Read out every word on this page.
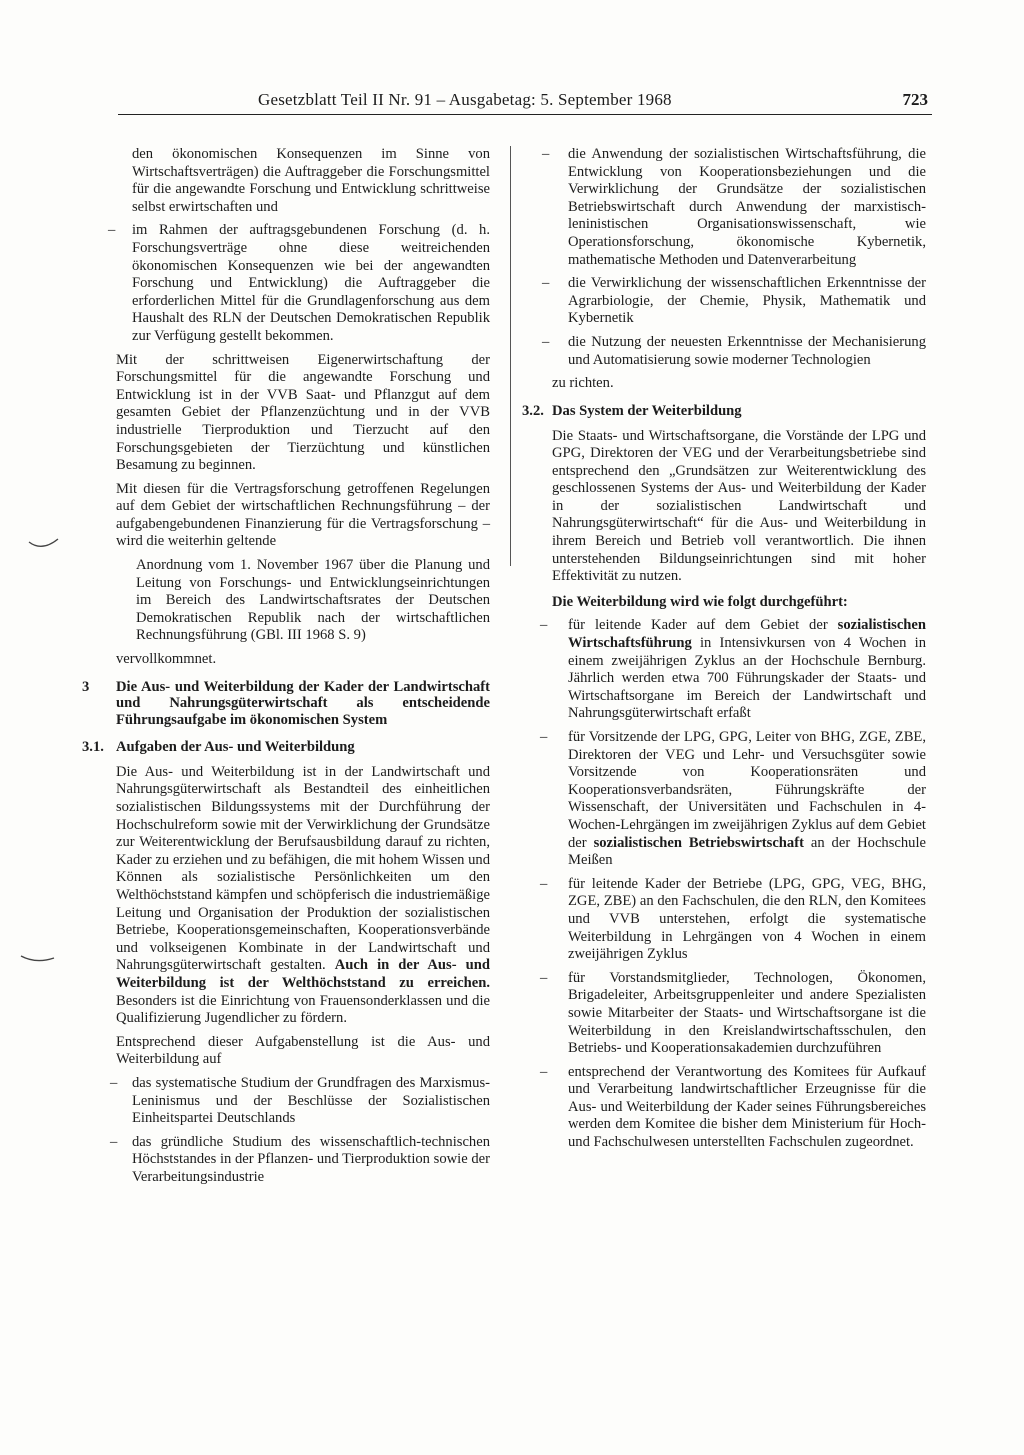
Gesetzblatt Teil II Nr. 91 – Ausgabetag: 5. September 1968	723

den ökonomischen Konsequenzen im Sinne von Wirtschaftsverträgen) die Auftraggeber die Forschungsmittel für die angewandte Forschung und Entwicklung schrittweise selbst erwirtschaften und

– im Rahmen der auftragsgebundenen Forschung (d. h. Forschungsverträge ohne diese weitreichenden ökonomischen Konsequenzen wie bei der angewandten Forschung und Entwicklung) die Auftraggeber die erforderlichen Mittel für die Grundlagenforschung aus dem Haushalt des RLN der Deutschen Demokratischen Republik zur Verfügung gestellt bekommen.

Mit der schrittweisen Eigenerwirtschaftung der Forschungsmittel für die angewandte Forschung und Entwicklung ist in der VVB Saat- und Pflanzgut auf dem gesamten Gebiet der Pflanzenzüchtung und in der VVB industrielle Tierproduktion und Tierzucht auf den Forschungsgebieten der Tierzüchtung und künstlichen Besamung zu beginnen.

Mit diesen für die Vertragsforschung getroffenen Regelungen auf dem Gebiet der wirtschaftlichen Rechnungsführung – der aufgabengebundenen Finanzierung für die Vertragsforschung – wird die weiterhin geltende

Anordnung vom 1. November 1967 über die Planung und Leitung von Forschungs- und Entwicklungseinrichtungen im Bereich des Landwirtschaftsrates der Deutschen Demokratischen Republik nach der wirtschaftlichen Rechnungsführung (GBl. III 1968 S. 9)

vervollkommnet.

3 Die Aus- und Weiterbildung der Kader der Landwirtschaft und Nahrungsgüterwirtschaft als entscheidende Führungsaufgabe im ökonomischen System
3.1. Aufgaben der Aus- und Weiterbildung

Die Aus- und Weiterbildung ist in der Landwirtschaft und Nahrungsgüterwirtschaft als Bestandteil des einheitlichen sozialistischen Bildungssystems mit der Durchführung der Hochschulreform sowie mit der Verwirklichung der Grundsätze zur Weiterentwicklung der Berufsausbildung darauf zu richten, Kader zu erziehen und zu befähigen, die mit hohem Wissen und Können als sozialistische Persönlichkeiten um den Welthöchststand kämpfen und schöpferisch die industriemäßige Leitung und Organisation der Produktion der sozialistischen Betriebe, Kooperationsgemeinschaften, Kooperationsverbände und volkseigenen Kombinate in der Landwirtschaft und Nahrungsgüterwirtschaft gestalten. Auch in der Aus- und Weiterbildung ist der Welthöchststand zu erreichen. Besonders ist die Einrichtung von Frauensonderklassen und die Qualifizierung Jugendlicher zu fördern.

Entsprechend dieser Aufgabenstellung ist die Aus- und Weiterbildung auf

– das systematische Studium der Grundfragen des Marxismus-Leninismus und der Beschlüsse der Sozialistischen Einheitspartei Deutschlands
– das gründliche Studium des wissenschaftlich-technischen Höchststandes in der Pflanzen- und Tierproduktion sowie der Verarbeitungsindustrie
– die Anwendung der sozialistischen Wirtschaftsführung, die Entwicklung von Kooperationsbeziehungen und die Verwirklichung der Grundsätze der sozialistischen Betriebswirtschaft durch Anwendung der marxistisch-leninistischen Organisationswissenschaft, wie Operationsforschung, ökonomische Kybernetik, mathematische Methoden und Datenverarbeitung
– die Verwirklichung der wissenschaftlichen Erkenntnisse der Agrarbiologie, der Chemie, Physik, Mathematik und Kybernetik
– die Nutzung der neuesten Erkenntnisse der Mechanisierung und Automatisierung sowie moderner Technologien

zu richten.

3.2. Das System der Weiterbildung

Die Staats- und Wirtschaftsorgane, die Vorstände der LPG und GPG, Direktoren der VEG und der Verarbeitungsbetriebe sind entsprechend den „Grundsätzen zur Weiterentwicklung des geschlossenen Systems der Aus- und Weiterbildung der Kader in der sozialistischen Landwirtschaft und Nahrungsgüterwirtschaft“ für die Aus- und Weiterbildung in ihrem Bereich und Betrieb voll verantwortlich. Die ihnen unterstehenden Bildungseinrichtungen sind mit hoher Effektivität zu nutzen.

Die Weiterbildung wird wie folgt durchgeführt:

– für leitende Kader auf dem Gebiet der sozialistischen Wirtschaftsführung in Intensivkursen von 4 Wochen in einem zweijährigen Zyklus an der Hochschule Bernburg. Jährlich werden etwa 700 Führungskader der Staats- und Wirtschaftsorgane im Bereich der Landwirtschaft und Nahrungsgüterwirtschaft erfaßt
– für Vorsitzende der LPG, GPG, Leiter von BHG, ZGE, ZBE, Direktoren der VEG und Lehr- und Versuchsgüter sowie Vorsitzende von Kooperationsräten und Kooperationsverbandsräten, Führungskräfte der Wissenschaft, der Universitäten und Fachschulen in 4-Wochen-Lehrgängen im zweijährigen Zyklus auf dem Gebiet der sozialistischen Betriebswirtschaft an der Hochschule Meißen
– für leitende Kader der Betriebe (LPG, GPG, VEG, BHG, ZGE, ZBE) an den Fachschulen, die den RLN, den Komitees und VVB unterstehen, erfolgt die systematische Weiterbildung in Lehrgängen von 4 Wochen in einem zweijährigen Zyklus
– für Vorstandsmitglieder, Technologen, Ökonomen, Brigadeleiter, Arbeitsgruppenleiter und andere Spezialisten sowie Mitarbeiter der Staats- und Wirtschaftsorgane ist die Weiterbildung in den Kreislandwirtschaftsschulen, den Betriebs- und Kooperationsakademien durchzuführen
– entsprechend der Verantwortung des Komitees für Aufkauf und Verarbeitung landwirtschaftlicher Erzeugnisse für die Aus- und Weiterbildung der Kader seines Führungsbereiches werden dem Komitee die bisher dem Ministerium für Hoch- und Fachschulwesen unterstellten Fachschulen zugeordnet.
